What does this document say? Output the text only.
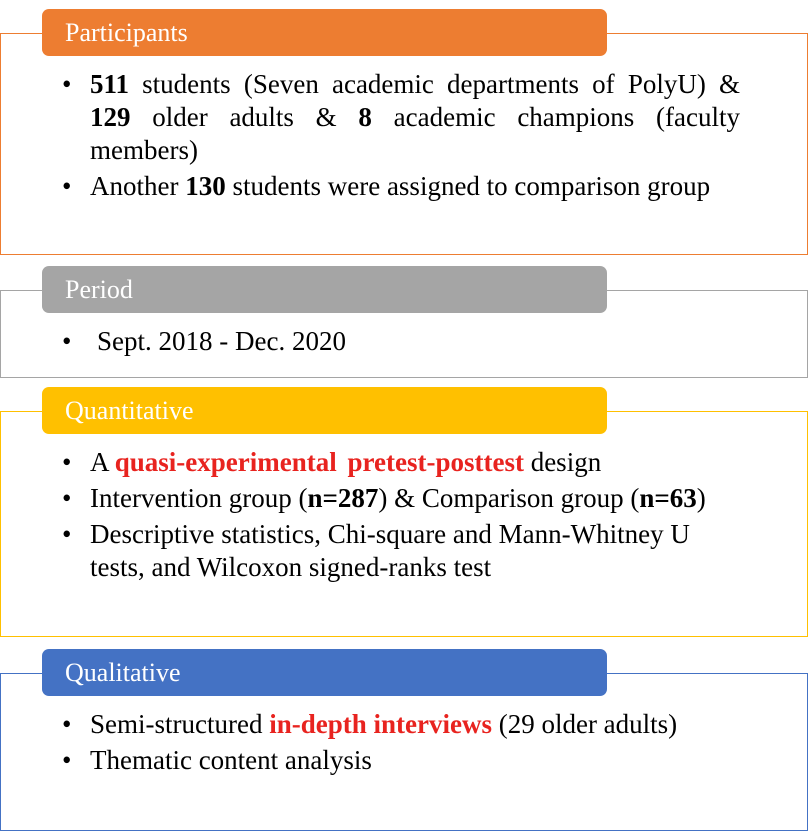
Participants
• 511 students (Seven academic departments of PolyU) & 129 older adults & 8 academic champions (faculty members)
• Another 130 students were assigned to comparison group
Period
• Sept. 2018 - Dec. 2020
Quantitative
• A quasi-experimental pretest-posttest design
• Intervention group (n=287) & Comparison group (n=63)
• Descriptive statistics, Chi-square and Mann-Whitney U tests, and Wilcoxon signed-ranks test
Qualitative
• Semi-structured in-depth interviews (29 older adults)
• Thematic content analysis
